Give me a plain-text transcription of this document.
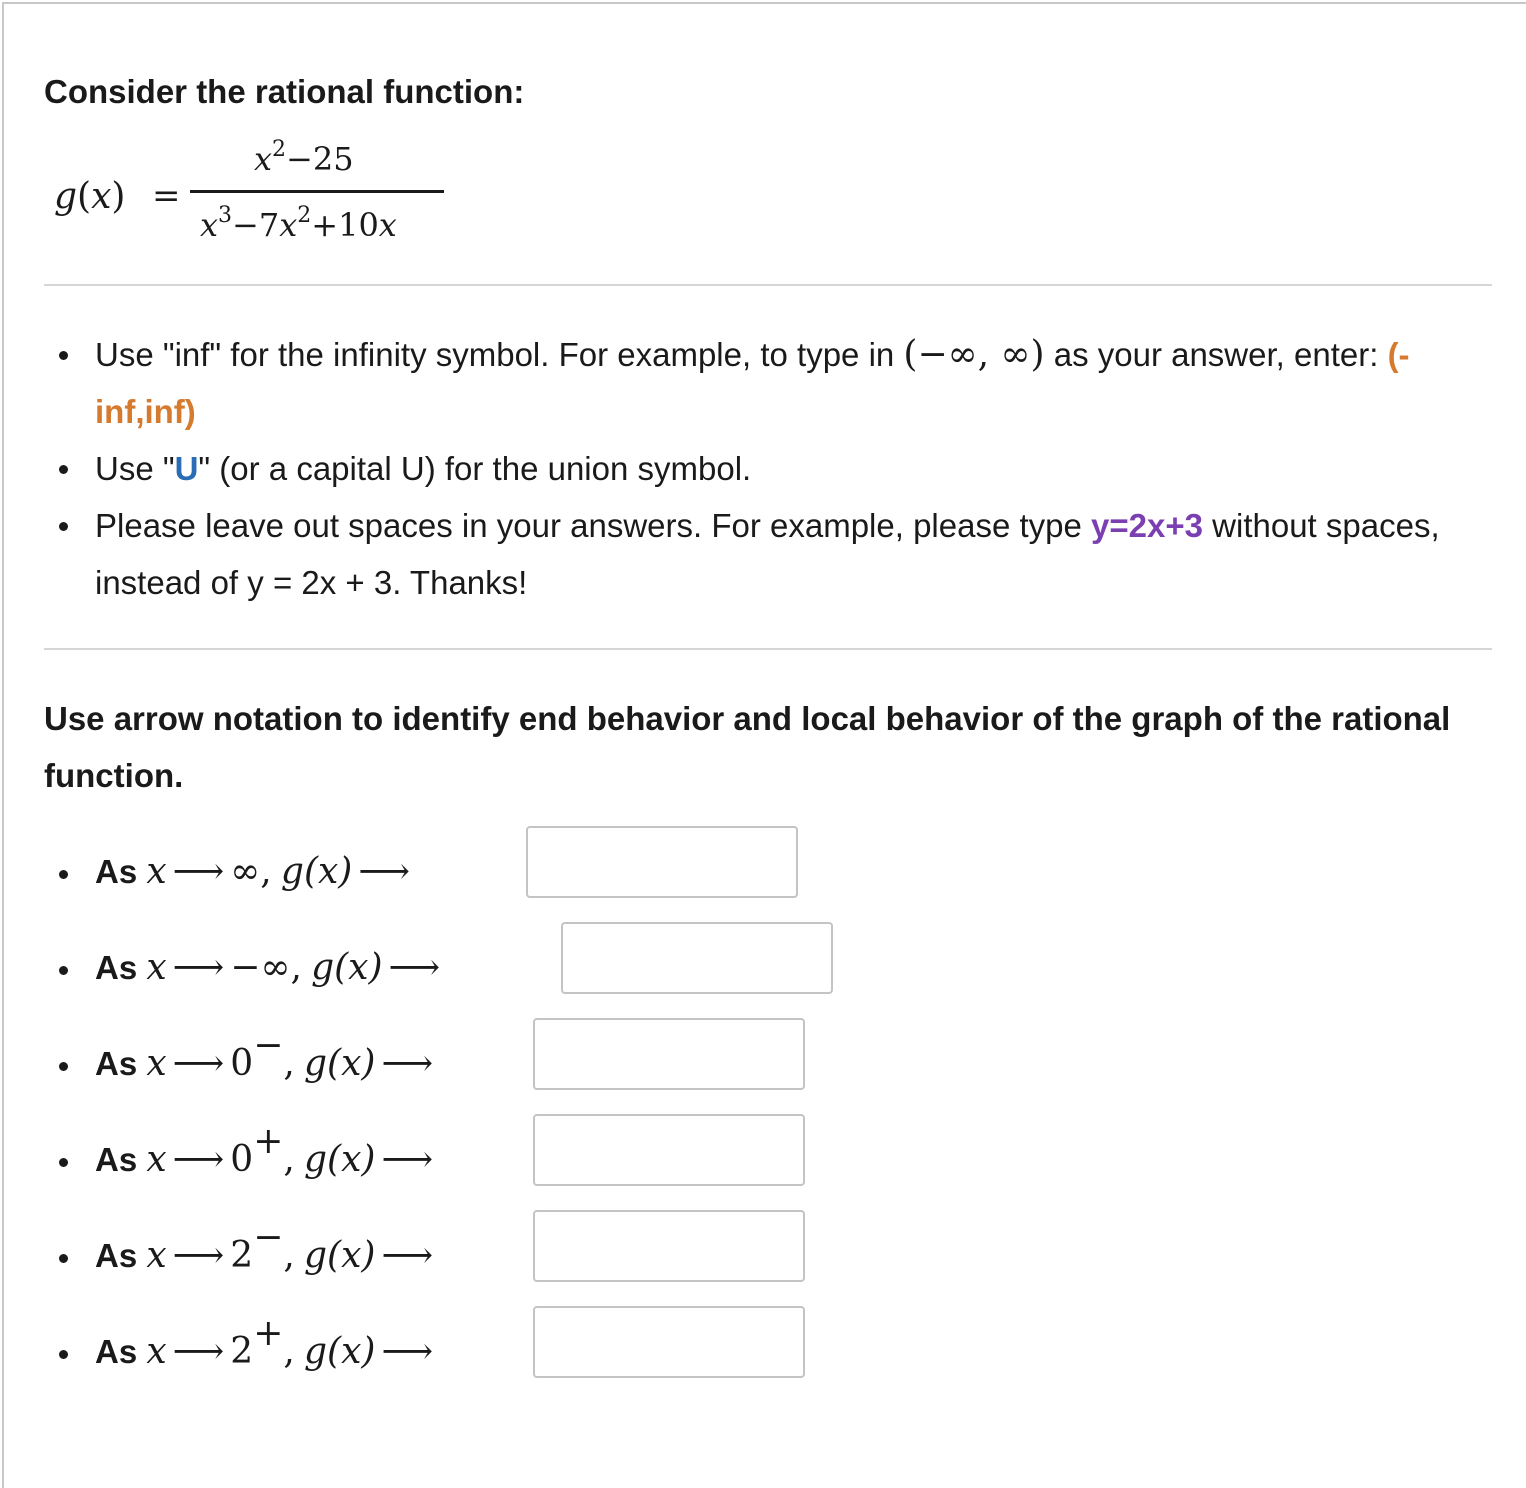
Consider the rational function:
g(x) =
$x^2-25$
$x^3-7x^2+10x$
Use "inf" for the infinity symbol. For example, to type in (−∞, ∞) as your answer, enter: (-inf,inf)
Use "U" (or a capital U) for the union symbol.
Please leave out spaces in your answers. For example, please type y=2x+3 without spaces, instead of y = 2x + 3. Thanks!
Use arrow notation to identify end behavior and local behavior of the graph of the rational function.
As x ⟶ ∞, g(x) ⟶
As x ⟶ −∞, g(x) ⟶
As x ⟶ 0−, g(x) ⟶
As x ⟶ 0+, g(x) ⟶
As x ⟶ 2−, g(x) ⟶
As x ⟶ 2+, g(x) ⟶
